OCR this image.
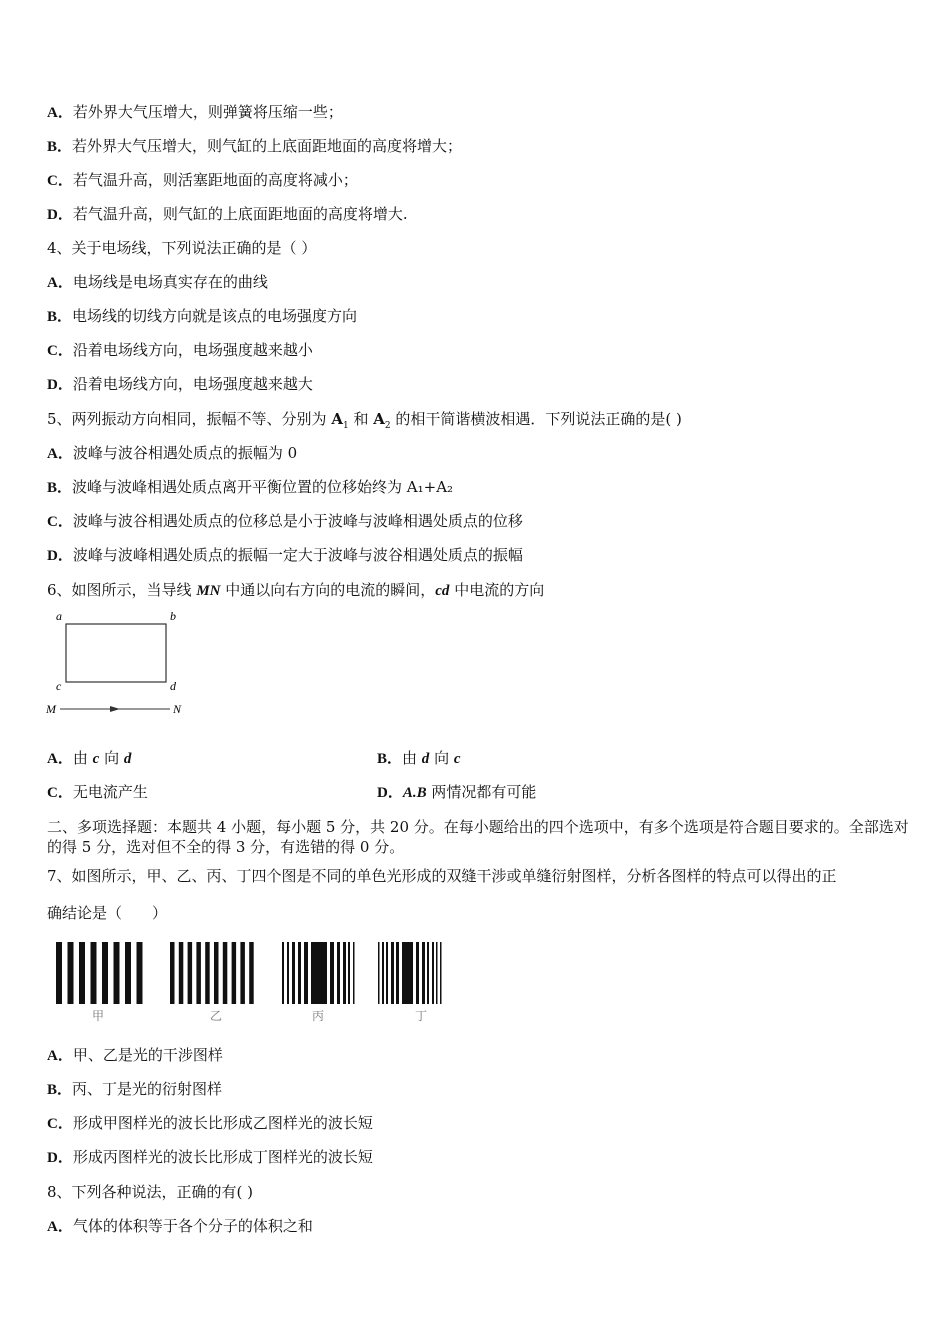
A．若外界大气压增大，则弹簧将压缩一些；
B．若外界大气压增大，则气缸的上底面距地面的高度将增大；
C．若气温升高，则活塞距地面的高度将减小；
D．若气温升高，则气缸的上底面距地面的高度将增大.
4、关于电场线，下列说法正确的是（ ）
A．电场线是电场真实存在的曲线
B．电场线的切线方向就是该点的电场强度方向
C．沿着电场线方向，电场强度越来越小
D．沿着电场线方向，电场强度越来越大
5、两列振动方向相同，振幅不等、分别为 $A_1$ 和 $A_2$ 的相干简谐横波相遇．下列说法正确的是( )
A．波峰与波谷相遇处质点的振幅为 0
B．波峰与波峰相遇处质点离开平衡位置的位移始终为 A₁+A₂
C．波峰与波谷相遇处质点的位移总是小于波峰与波峰相遇处质点的位移
D．波峰与波峰相遇处质点的振幅一定大于波峰与波谷相遇处质点的振幅
6、如图所示，当导线 MN 中通以向右方向的电流的瞬间，cd 中电流的方向
a	b
c	d
M	N
A．由 c 向 d	B．由 d 向 c
C．无电流产生	D．A.B 两情况都有可能
二、多项选择题：本题共 4 小题，每小题 5 分，共 20 分。在每小题给出的四个选项中，有多个选项是符合题目要求的。全部选对的得 5 分，选对但不全的得 3 分，有选错的得 0 分。
7、如图所示，甲、乙、丙、丁四个图是不同的单色光形成的双缝干涉或单缝衍射图样，分析各图样的特点可以得出的正
确结论是（　　）
甲	乙	丙	丁
A．甲、乙是光的干涉图样
B．丙、丁是光的衍射图样
C．形成甲图样光的波长比形成乙图样光的波长短
D．形成丙图样光的波长比形成丁图样光的波长短
8、下列各种说法，正确的有( )
A．气体的体积等于各个分子的体积之和
